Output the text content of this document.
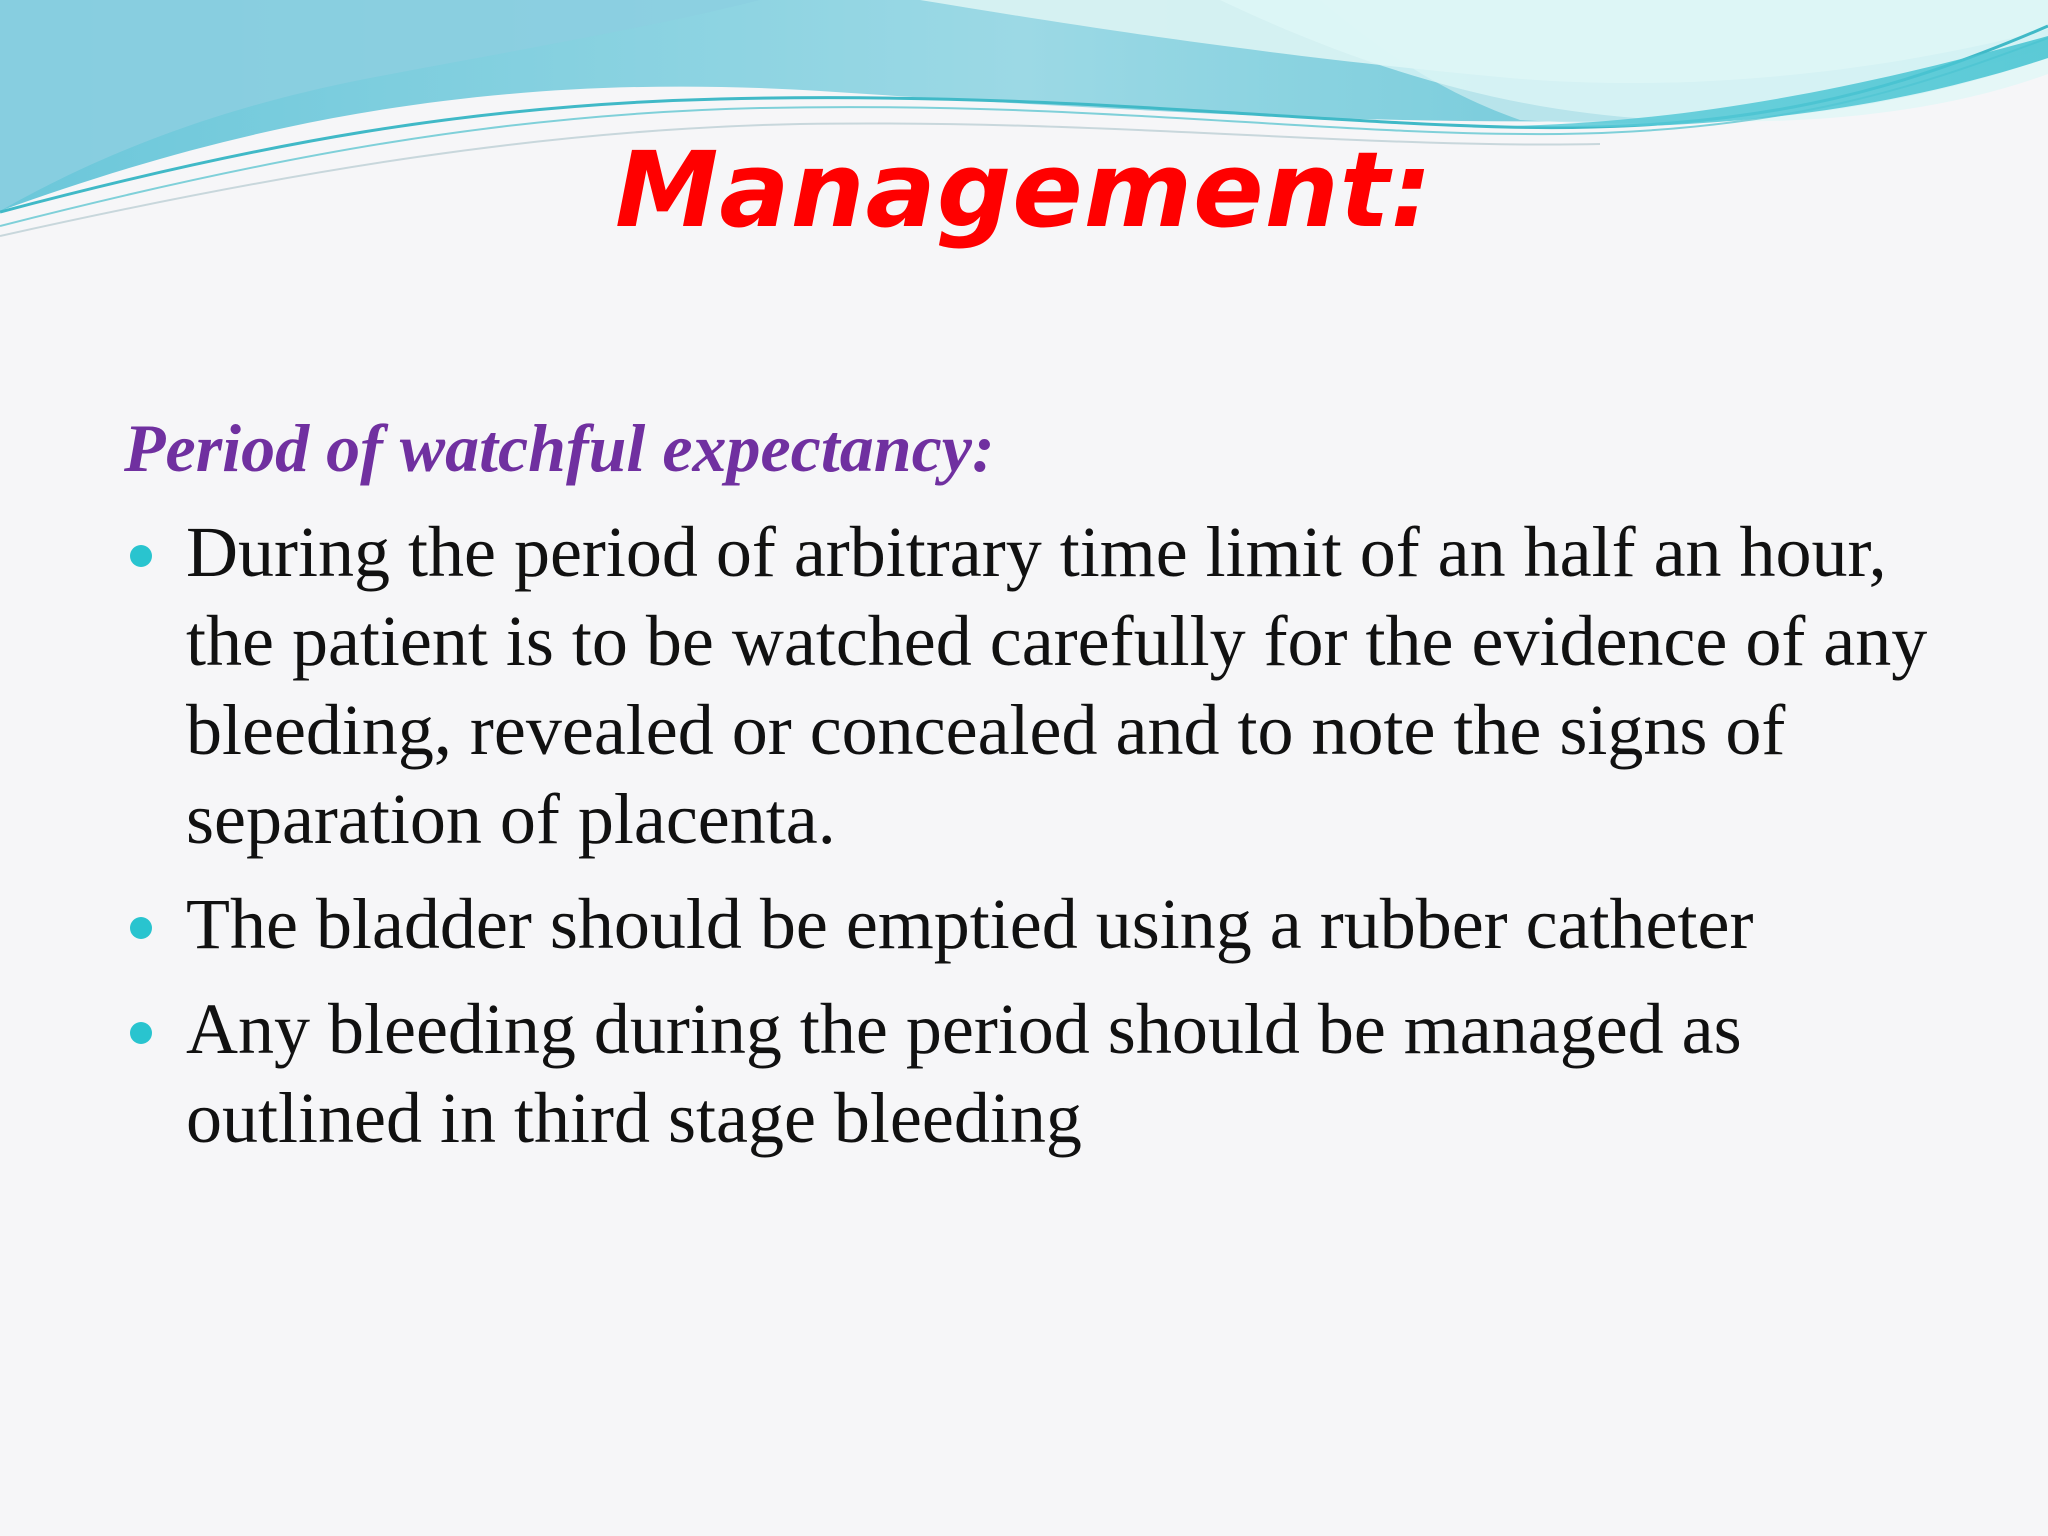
Management:
Period of watchful expectancy:
During the period of arbitrary time limit of an half an hour, the patient is to be watched carefully for the evidence of any bleeding, revealed or concealed and to note the signs of separation of placenta.
The bladder should be emptied using a rubber catheter
Any bleeding during the period should be managed as outlined in third stage bleeding
